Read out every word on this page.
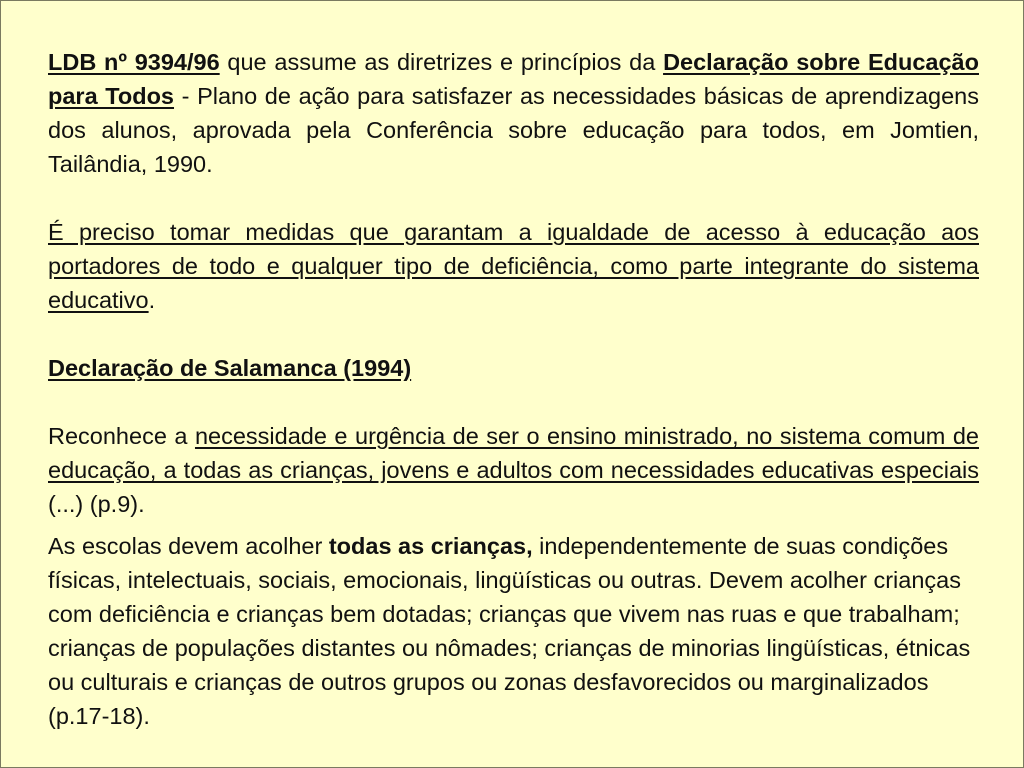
LDB nº 9394/96 que assume as diretrizes e princípios da Declaração sobre Educação para Todos - Plano de ação para satisfazer as necessidades básicas de aprendizagens dos alunos, aprovada pela Conferência sobre educação para todos, em Jomtien, Tailândia, 1990.

É preciso tomar medidas que garantam a igualdade de acesso à educação aos portadores de todo e qualquer tipo de deficiência, como parte integrante do sistema educativo.

Declaração de Salamanca (1994)

Reconhece a necessidade e urgência de ser o ensino ministrado, no sistema comum de educação, a todas as crianças, jovens e adultos com necessidades educativas especiais (...) (p.9).

As escolas devem acolher todas as crianças, independentemente de suas condições físicas, intelectuais, sociais, emocionais, lingüísticas ou outras. Devem acolher crianças com deficiência e crianças bem dotadas; crianças que vivem nas ruas e que trabalham; crianças de populações distantes ou nômades; crianças de minorias lingüísticas, étnicas ou culturais e crianças de outros grupos ou zonas desfavorecidos ou marginalizados (p.17-18).
